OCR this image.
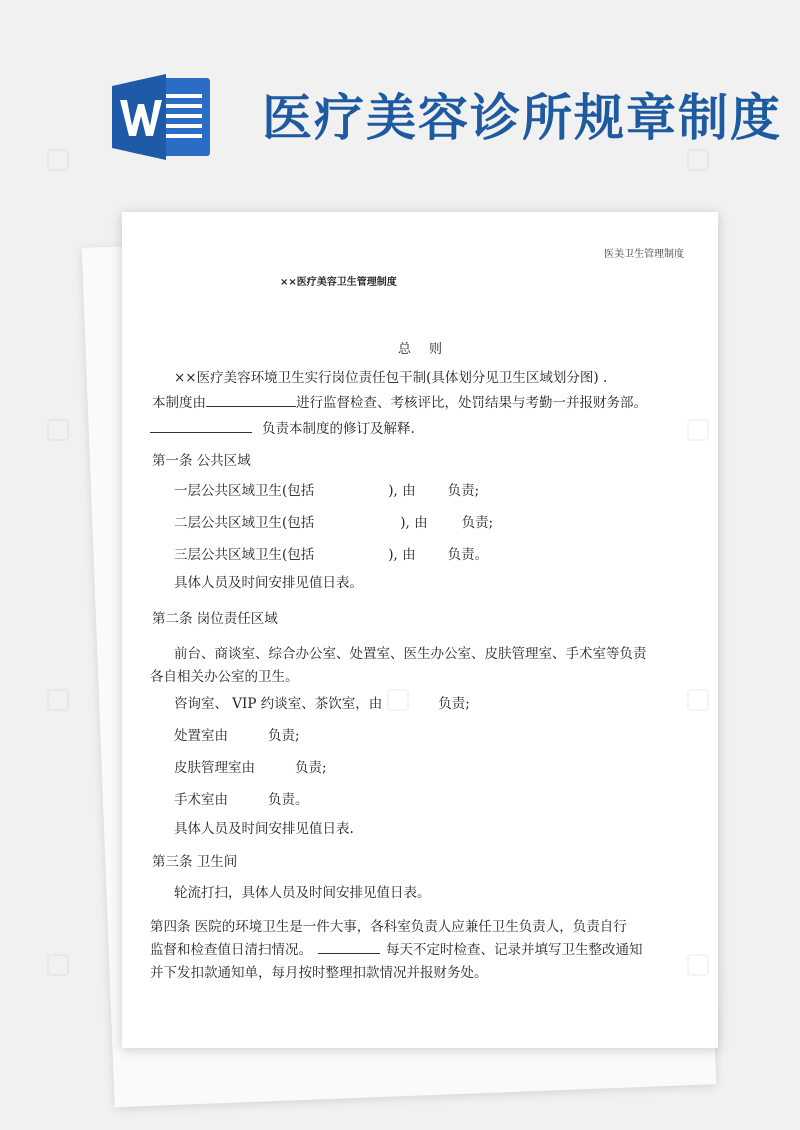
医疗美容诊所规章制度
医美卫生管理制度
××医疗美容卫生管理制度
总则
××医疗美容环境卫生实行岗位责任包干制(具体划分见卫生区域划分图) .
本制度由	进行监督检查、考核评比，处罚结果与考勤一并报财务部。
负责本制度的修订及解释.
第一条 公共区域
一层公共区域卫生(包括	), 由 负责;
二层公共区域卫生(包括	), 由	负责;
三层公共区域卫生(包括	), 由 负责。
具体人员及时间安排见值日表。
第二条 岗位责任区域
前台、商谈室、综合办公室、处置室、医生办公室、皮肤管理室、手术室等负责
各自相关办公室的卫生。
咨询室、 VIP 约谈室、茶饮室，由	负责;
处置室由	负责;
皮肤管理室由	负责;
手术室由	负责。
具体人员及时间安排见值日表.
第三条 卫生间
轮流打扫，具体人员及时间安排见值日表。
第四条 医院的环境卫生是一件大事，各科室负责人应兼任卫生负责人，负责自行
监督和检查值日清扫情况。	每天不定时检查、记录并填写卫生整改通知
并下发扣款通知单，每月按时整理扣款情况并报财务处。
